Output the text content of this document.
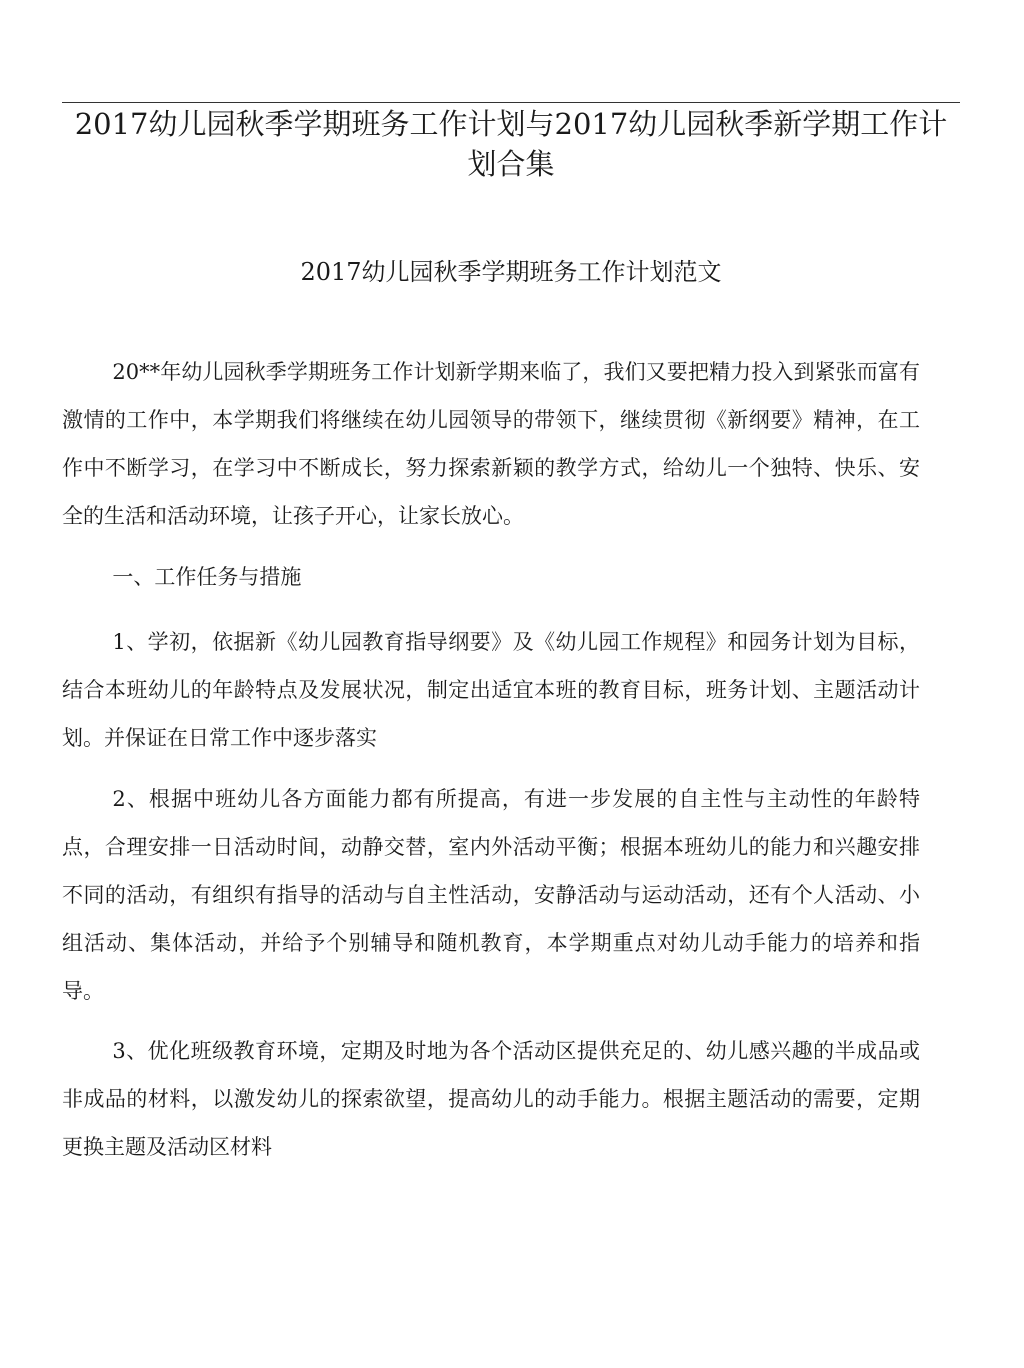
2017幼儿园秋季学期班务工作计划与2017幼儿园秋季新学期工作计划合集
2017幼儿园秋季学期班务工作计划范文

20**年幼儿园秋季学期班务工作计划新学期来临了，我们又要把精力投入到紧张而富有激情的工作中，本学期我们将继续在幼儿园领导的带领下，继续贯彻《新纲要》精神，在工作中不断学习，在学习中不断成长，努力探索新颖的教学方式，给幼儿一个独特、快乐、安全的生活和活动环境，让孩子开心，让家长放心。

一、工作任务与措施

1、学初，依据新《幼儿园教育指导纲要》及《幼儿园工作规程》和园务计划为目标，结合本班幼儿的年龄特点及发展状况，制定出适宜本班的教育目标，班务计划、主题活动计划。并保证在日常工作中逐步落实

2、根据中班幼儿各方面能力都有所提高，有进一步发展的自主性与主动性的年龄特点，合理安排一日活动时间，动静交替，室内外活动平衡；根据本班幼儿的能力和兴趣安排不同的活动，有组织有指导的活动与自主性活动，安静活动与运动活动，还有个人活动、小组活动、集体活动，并给予个别辅导和随机教育，本学期重点对幼儿动手能力的培养和指导。

3、优化班级教育环境，定期及时地为各个活动区提供充足的、幼儿感兴趣的半成品或非成品的材料，以激发幼儿的探索欲望，提高幼儿的动手能力。根据主题活动的需要，定期更换主题及活动区材料
